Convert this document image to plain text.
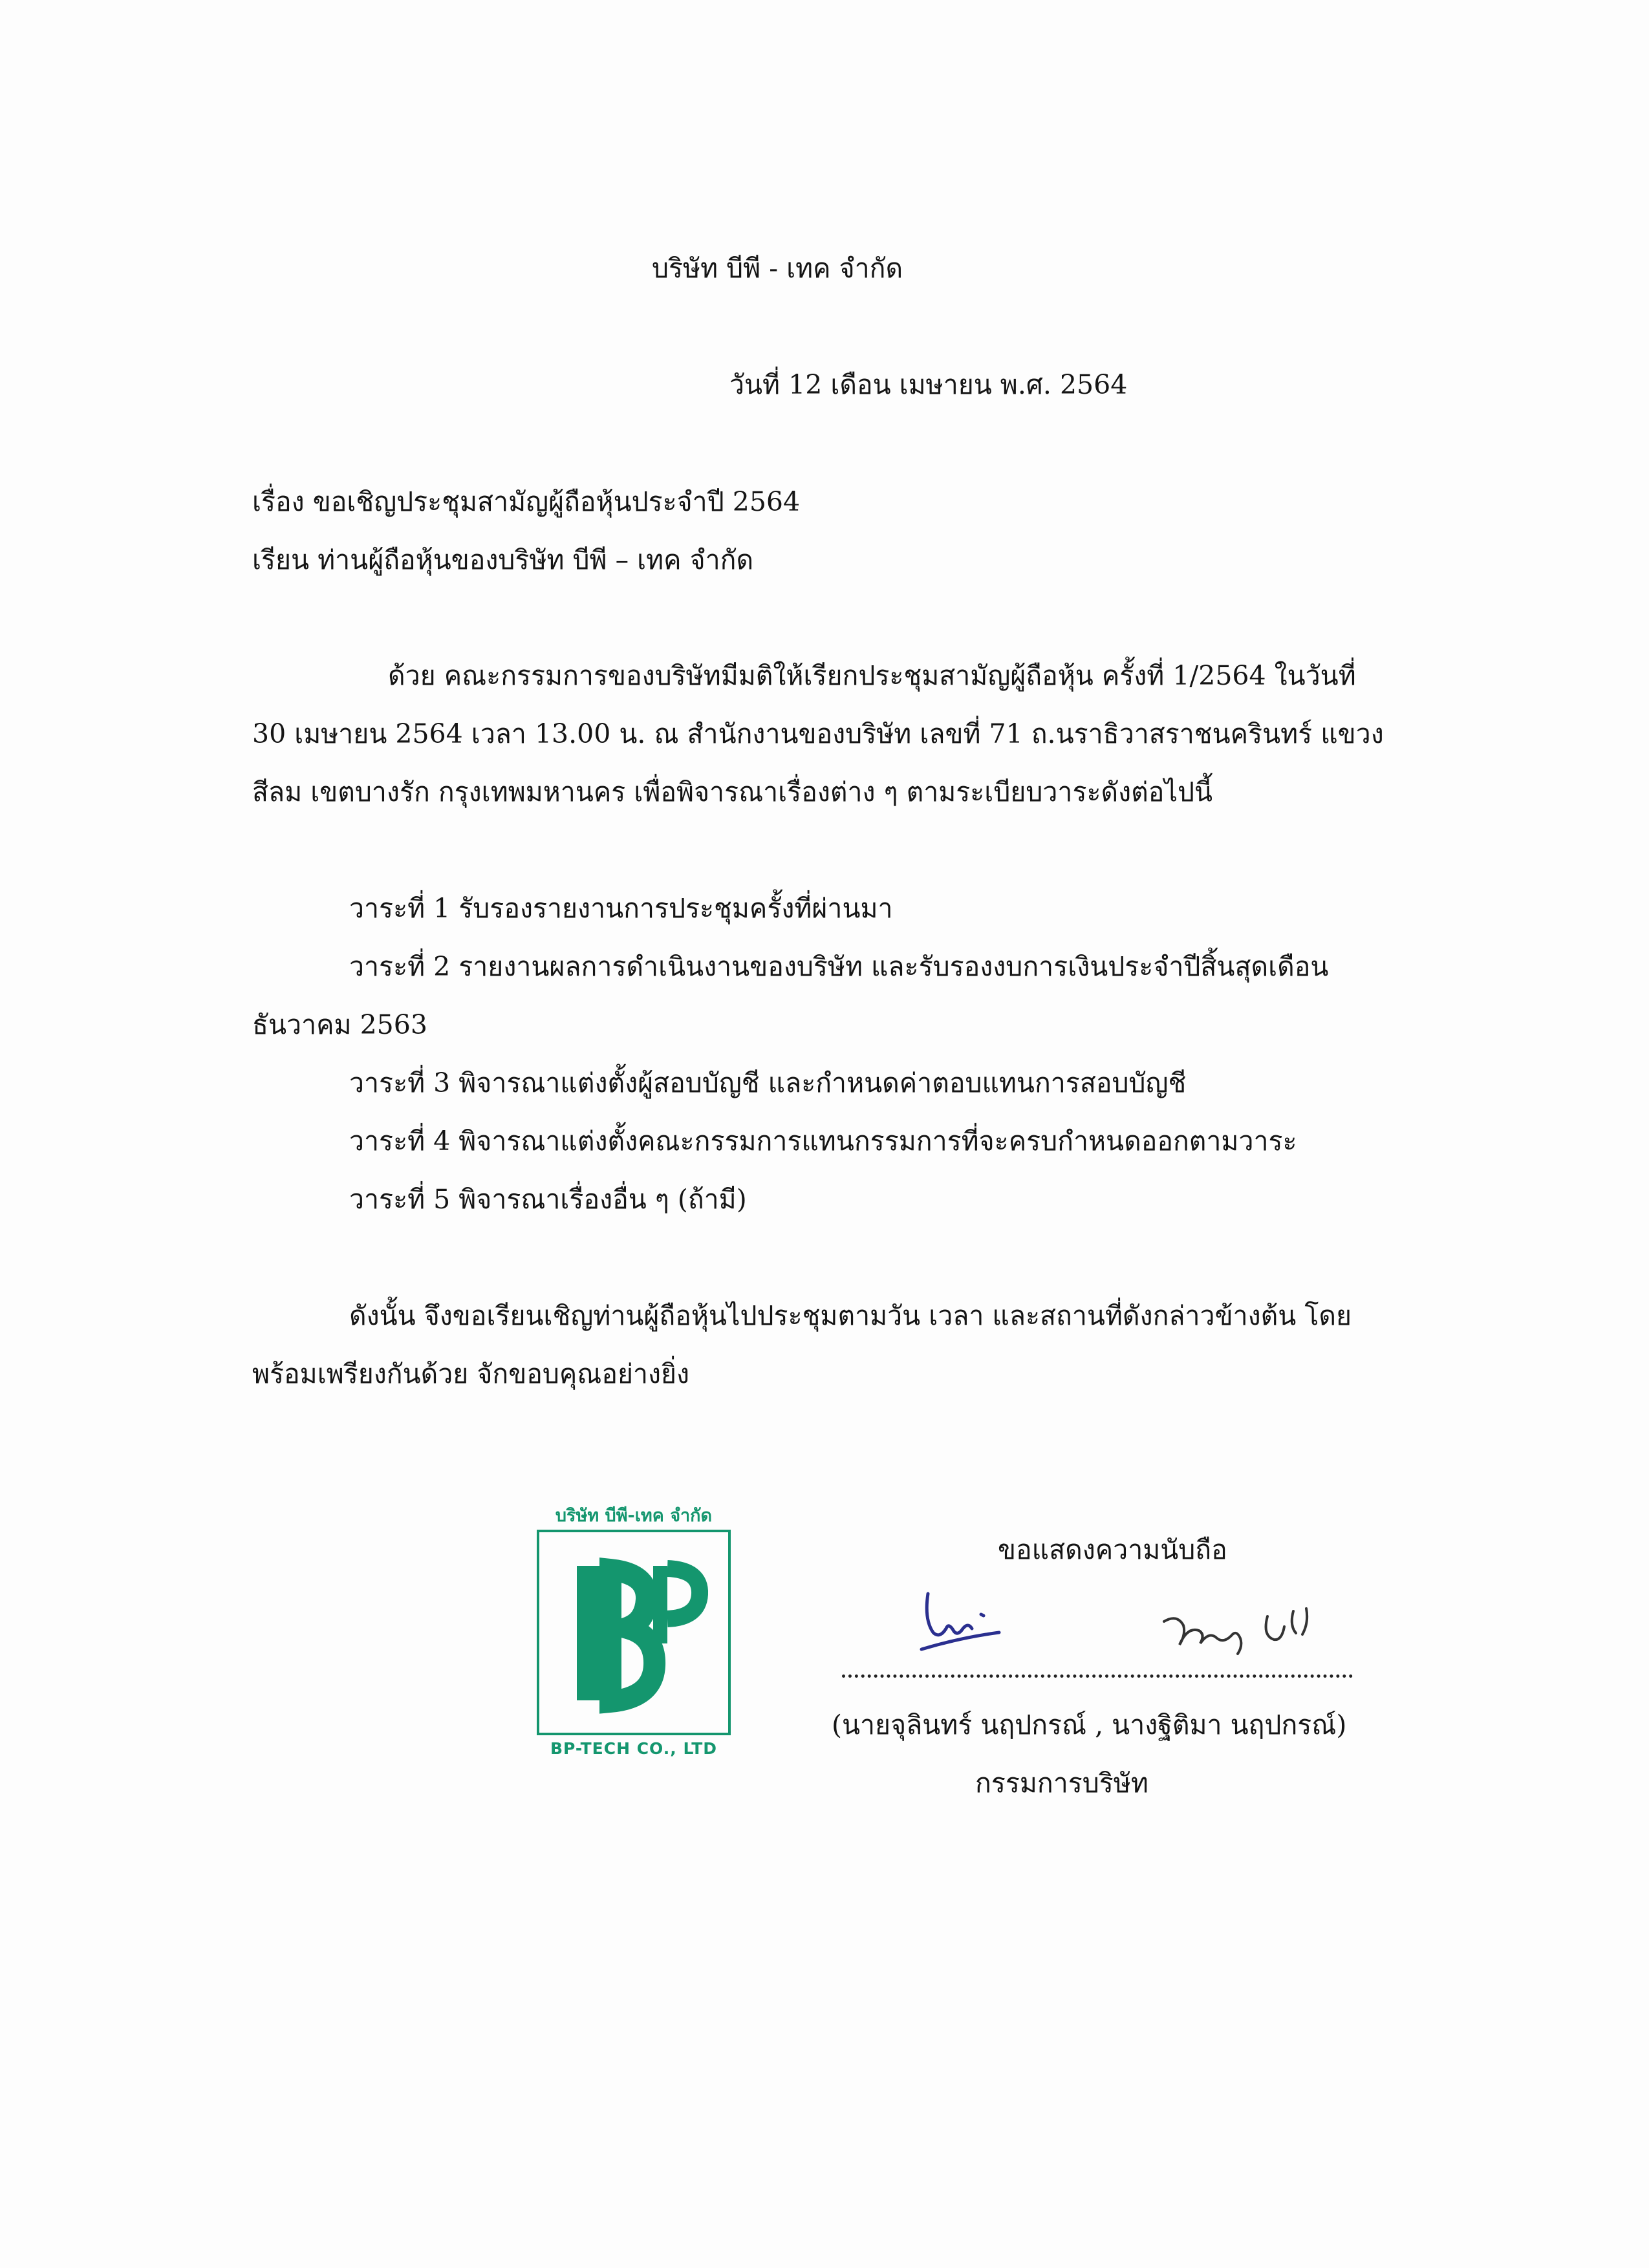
บริษัท บีพี - เทค จำกัด
วันที่ 12 เดือน เมษายน พ.ศ. 2564
เรื่อง ขอเชิญประชุมสามัญผู้ถือหุ้นประจำปี 2564
เรียน ท่านผู้ถือหุ้นของบริษัท บีพี – เทค จำกัด
ด้วย คณะกรรมการของบริษัทมีมติให้เรียกประชุมสามัญผู้ถือหุ้น ครั้งที่ 1/2564 ในวันที่
30 เมษายน 2564 เวลา 13.00 น. ณ สำนักงานของบริษัท เลขที่ 71 ถ.นราธิวาสราชนครินทร์ แขวง
สีลม เขตบางรัก กรุงเทพมหานคร เพื่อพิจารณาเรื่องต่าง ๆ ตามระเบียบวาระดังต่อไปนี้
วาระที่ 1 รับรองรายงานการประชุมครั้งที่ผ่านมา
วาระที่ 2 รายงานผลการดำเนินงานของบริษัท และรับรองงบการเงินประจำปีสิ้นสุดเดือน
ธันวาคม 2563
วาระที่ 3 พิจารณาแต่งตั้งผู้สอบบัญชี และกำหนดค่าตอบแทนการสอบบัญชี
วาระที่ 4 พิจารณาแต่งตั้งคณะกรรมการแทนกรรมการที่จะครบกำหนดออกตามวาระ
วาระที่ 5 พิจารณาเรื่องอื่น ๆ (ถ้ามี)
ดังนั้น จึงขอเรียนเชิญท่านผู้ถือหุ้นไปประชุมตามวัน เวลา และสถานที่ดังกล่าวข้างต้น โดย
พร้อมเพรียงกันด้วย จักขอบคุณอย่างยิ่ง
บริษัท บีพี-เทค จำกัด
BP-TECH CO., LTD
ขอแสดงความนับถือ
(นายจุลินทร์ นฤปกรณ์ , นางฐิติมา นฤปกรณ์)
กรรมการบริษัท
